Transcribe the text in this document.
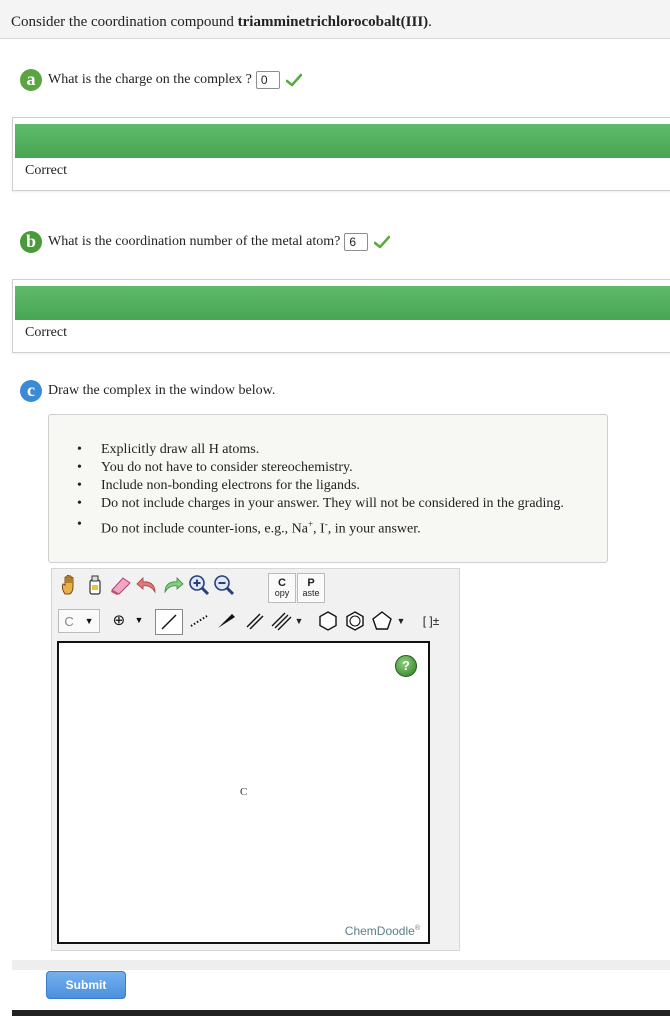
Consider the coordination compound triamminetrichlorocobalt(III).
a What is the charge on the complex ? 0
Correct
b What is the coordination number of the metal atom? 6
Correct
c Draw the complex in the window below.
• Explicitly draw all H atoms.
• You do not have to consider stereochemistry.
• Include non-bonding electrons for the ligands.
• Do not include charges in your answer. They will not be considered in the grading.
• Do not include counter-ions, e.g., Na+, I-, in your answer.
C
opy
P
aste
C ▼ ⊕ ▼	▼	▼ [ ]±
?
C
ChemDoodle®
Submit
